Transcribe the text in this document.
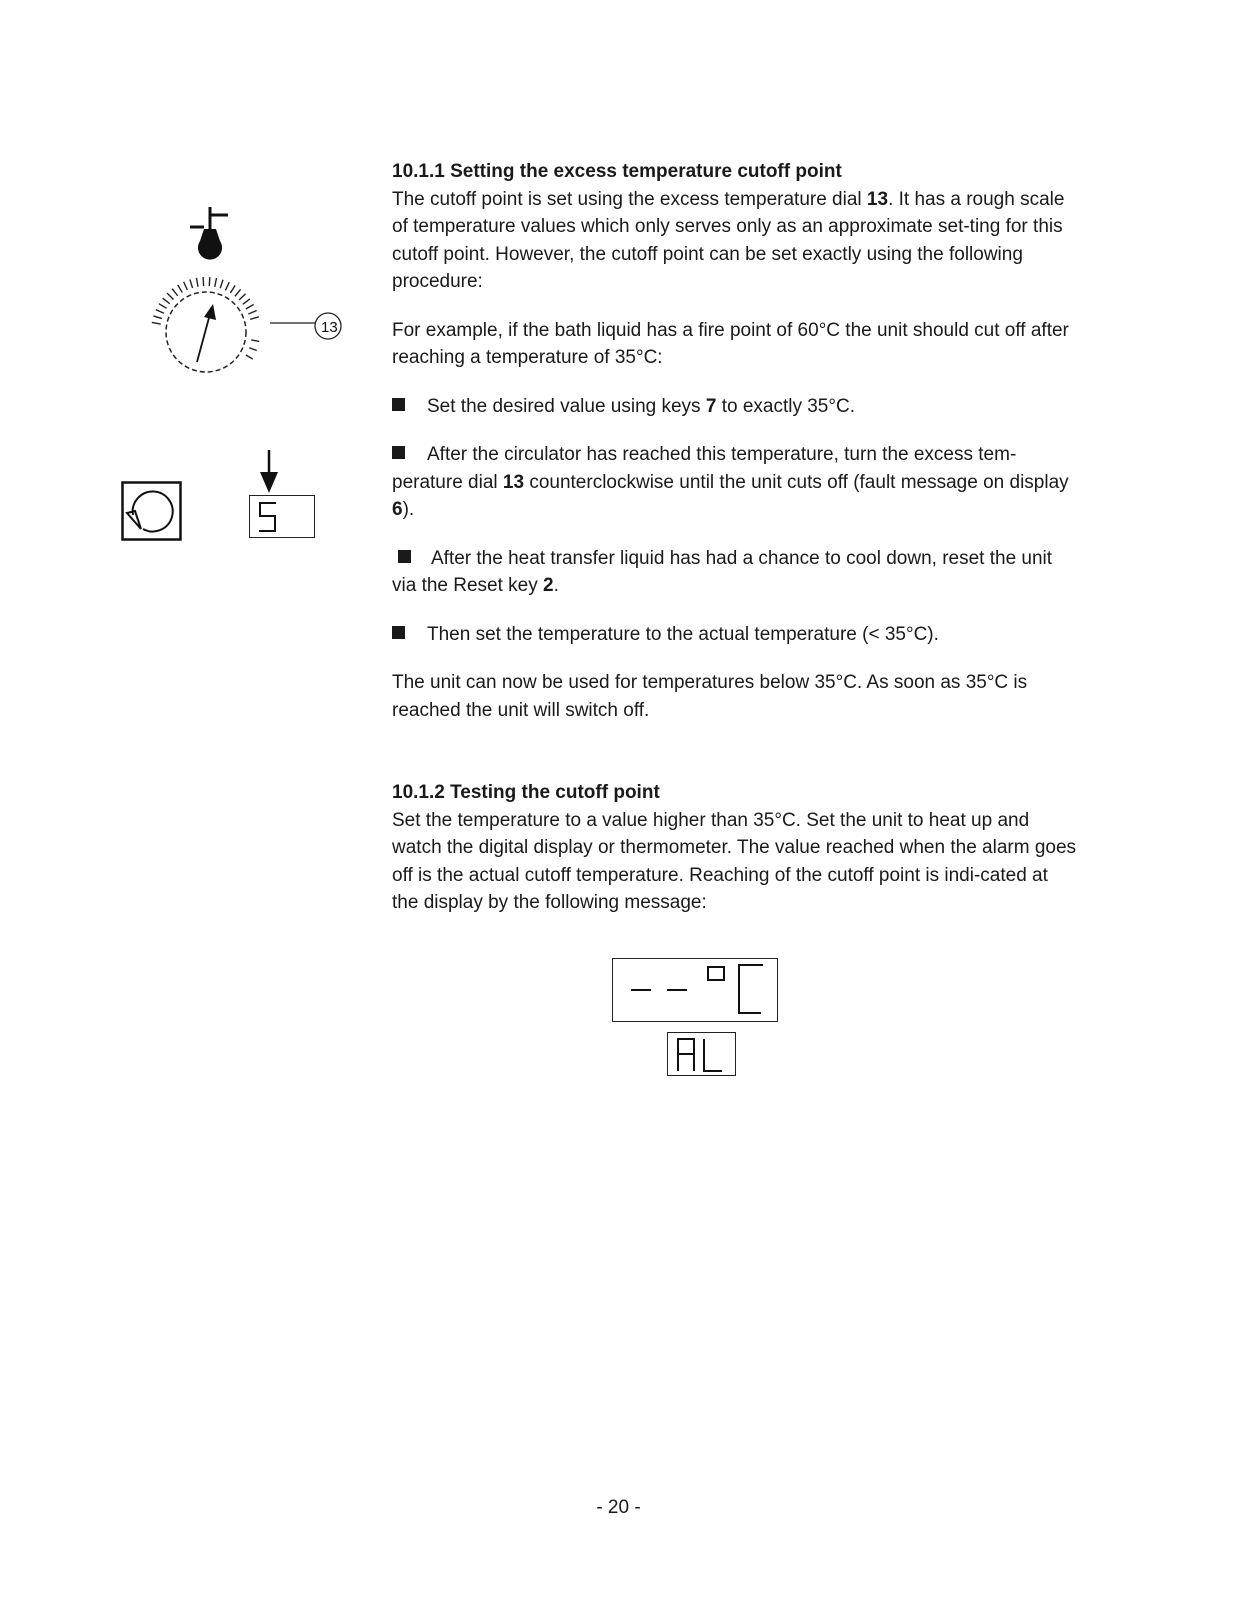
13

10.1.1 Setting the excess temperature cutoff point

The cutoff point is set using the excess temperature dial 13. It has a rough scale of temperature values which only serves only as an approximate set-ting for this cutoff point. However, the cutoff point can be set exactly using the following procedure:

For example, if the bath liquid has a fire point of 60°C the unit should cut off after reaching a temperature of 35°C:

Set the desired value using keys 7 to exactly 35°C.

After the circulator has reached this temperature, turn the excess tem-perature dial 13 counterclockwise until the unit cuts off (fault message on display 6).

After the heat transfer liquid has had a chance to cool down, reset the unit via the Reset key 2.

Then set the temperature to the actual temperature (< 35°C).

The unit can now be used for temperatures below 35°C. As soon as 35°C is reached the unit will switch off.

10.1.2 Testing the cutoff point

Set the temperature to a value higher than 35°C. Set the unit to heat up and watch the digital display or thermometer. The value reached when the alarm goes off is the actual cutoff temperature. Reaching of the cutoff point is indi-cated at the display by the following message:

- 20 -
